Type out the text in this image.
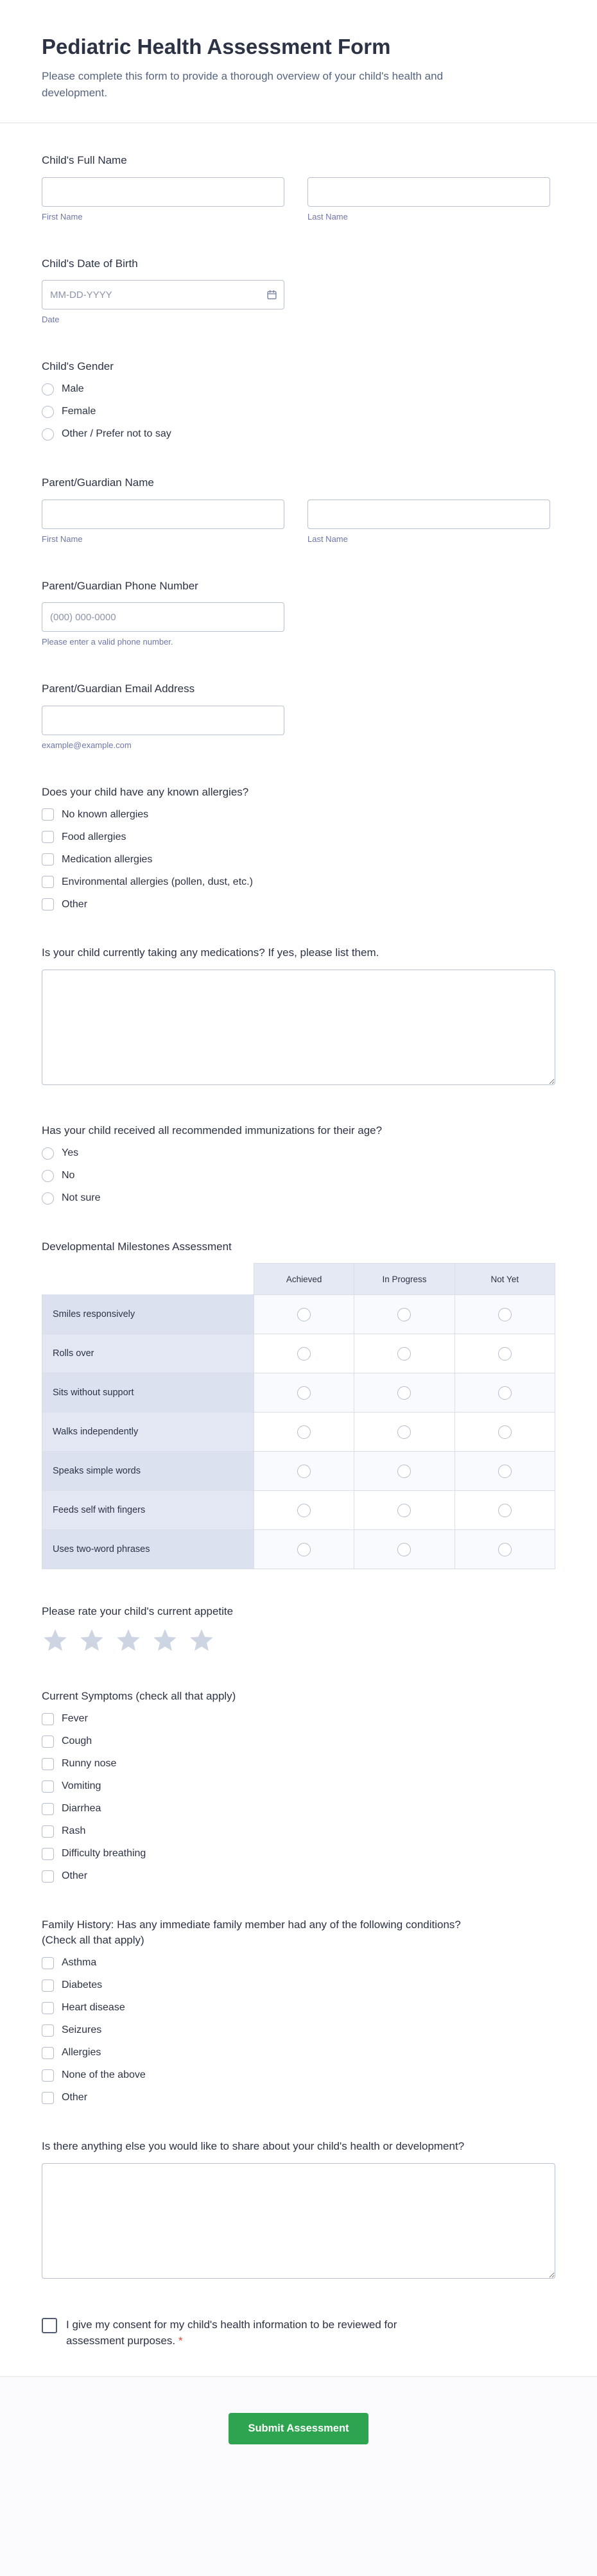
Pediatric Health Assessment Form

Please complete this form to provide a thorough overview of your child's health and development.

Child's Full Name
First Name	Last Name
Child's Date of Birth
MM-DD-YYYY
Date
Child's Gender
Male
Female
Other / Prefer not to say
Parent/Guardian Name
First Name	Last Name
Parent/Guardian Phone Number
(000) 000-0000
Please enter a valid phone number.
Parent/Guardian Email Address
example@example.com
Does your child have any known allergies?
No known allergies
Food allergies
Medication allergies
Environmental allergies (pollen, dust, etc.)
Other
Is your child currently taking any medications? If yes, please list them.
Has your child received all recommended immunizations for their age?
Yes
No
Not sure
Developmental Milestones Assessment
	Achieved	In Progress	Not Yet
Smiles responsively	

Rolls over	

Sits without support	

Walks independently	

Speaks simple words	

Feeds self with fingers	

Uses two-word phrases	

Please rate your child's current appetite
Current Symptoms (check all that apply)
Fever
Cough
Runny nose
Vomiting
Diarrhea
Rash
Difficulty breathing
Other
Family History: Has any immediate family member had any of the following conditions? (Check all that apply)
Asthma
Diabetes
Heart disease
Seizures
Allergies
None of the above
Other
Is there anything else you would like to share about your child's health or development?
I give my consent for my child's health information to be reviewed for assessment purposes. *
Submit Assessment
